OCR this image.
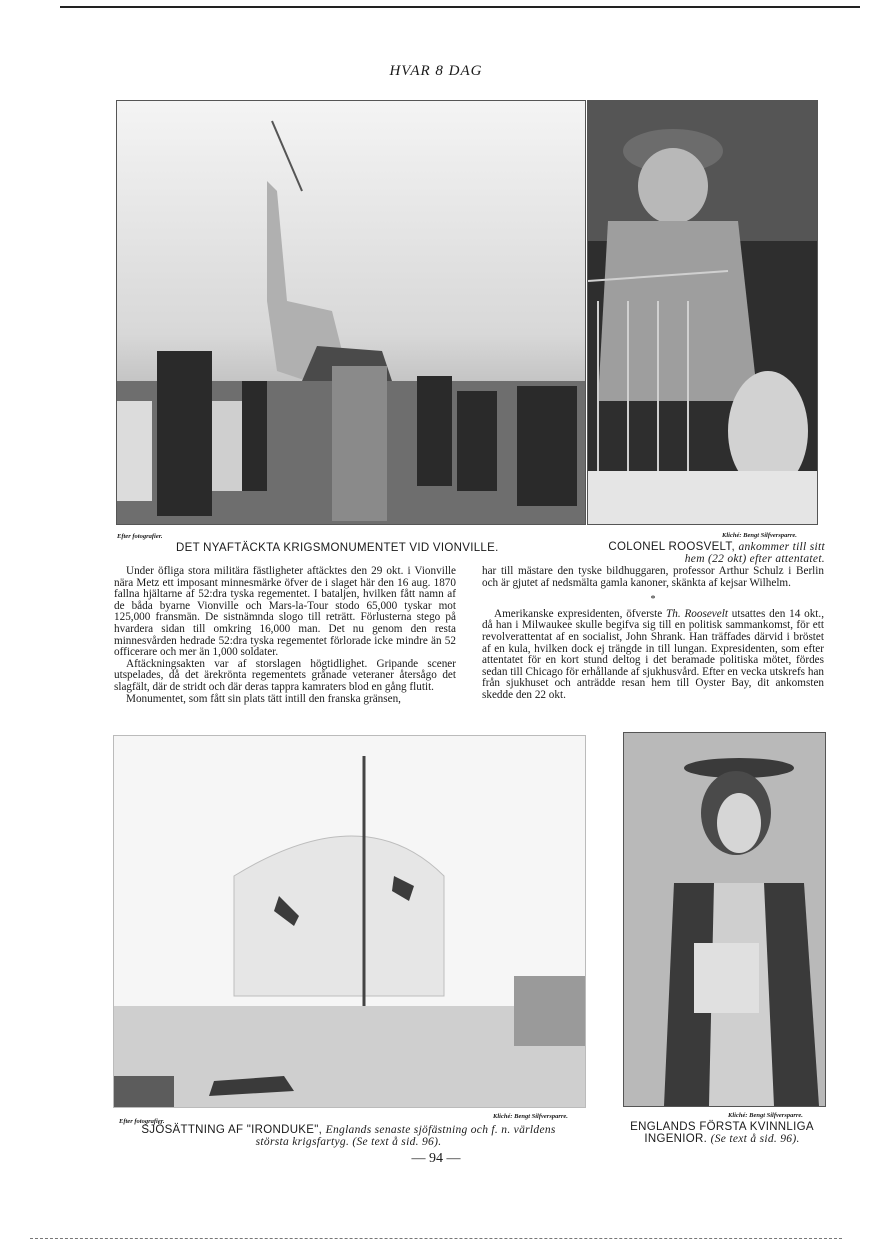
HVAR 8 DAG
Efter fotografier.
DET NYAFTÄCKTA KRIGSMONUMENTET VID VIONVILLE.
Kliché: Bengt Silfversparre.
COLONEL ROOSVELT, ankommer till sitt
hem (22 okt) efter attentatet.

Under öfliga stora militära fästligheter aftäcktes den 29 okt. i Vionville nära Metz ett imposant minnesmärke öfver de i slaget här den 16 aug. 1870 fallna hjältarne af 52:dra tyska regementet. I bataljen, hvilken fått namn af de båda byarne Vionville och Mars-la-Tour stodo 65,000 tyskar mot 125,000 fransmän. De sistnämnda slogo till reträtt. Förlusterna stego på hvardera sidan till omkring 16,000 man. Det nu genom den resta minnesvården hedrade 52:dra tyska regementet förlorade icke mindre än 52 officerare och mer än 1,000 soldater.

Aftäckningsakten var af storslagen högtidlighet. Gripande scener utspelades, då det ärekrönta regementets grånade veteraner återsågo det slagfält, där de stridt och där deras tappra kamraters blod en gång flutit.

Monumentet, som fått sin plats tätt intill den franska gränsen,

har till mästare den tyske bildhuggaren, professor Arthur Schulz i Berlin och är gjutet af nedsmälta gamla kanoner, skänkta af kejsar Wilhelm.

*

Amerikanske expresidenten, öfverste Th. Roosevelt utsattes den 14 okt., då han i Milwaukee skulle begifva sig till en politisk sammankomst, för ett revolverattentat af en socialist, John Shrank. Han träffades därvid i bröstet af en kula, hvilken dock ej trängde in till lungan. Expresidenten, som efter attentatet för en kort stund deltog i det beramade politiska mötet, fördes sedan till Chicago för erhållande af sjukhusvård. Efter en vecka utskrefs han från sjukhuset och anträdde resan hem till Oyster Bay, dit ankomsten skedde den 22 okt.

Efter fotografier.
Kliché: Bengt Silfversparre.
SJÖSÄTTNING AF "IRONDUKE", Englands senaste sjöfästning och f. n. världens
största krigsfartyg. (Se text å sid. 96).
Kliché: Bengt Silfversparre.
ENGLANDS FÖRSTA KVINNLIGA
INGENIOR. (Se text å sid. 96).
— 94 —
